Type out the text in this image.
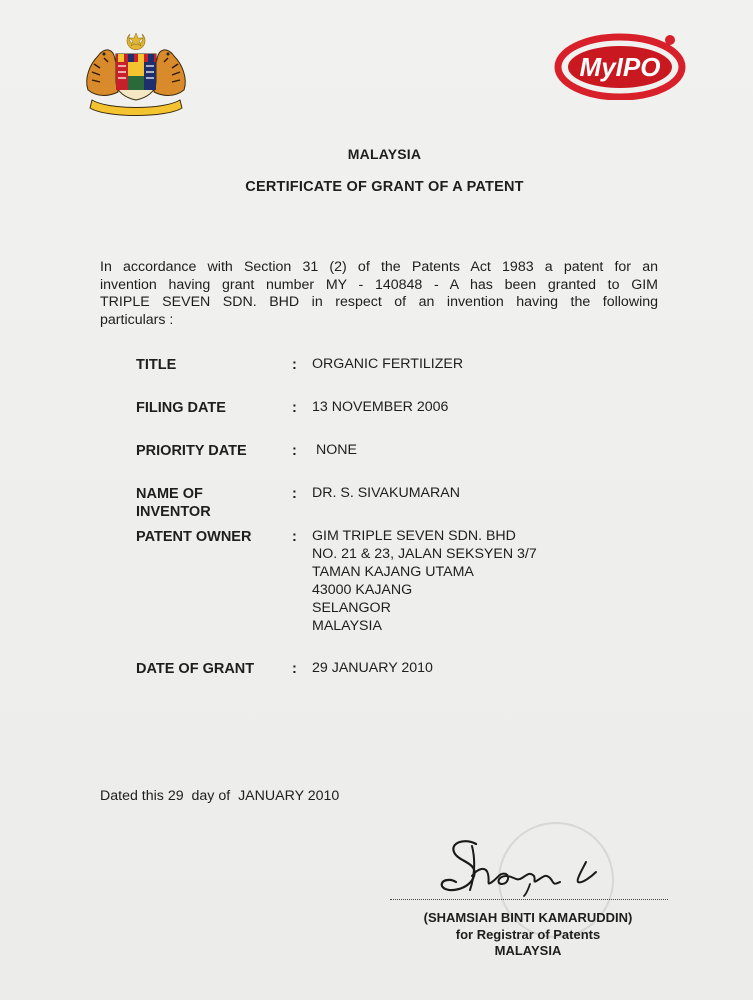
MyIPO
MALAYSIA
CERTIFICATE OF GRANT OF A PATENT
In accordance with Section 31 (2) of the Patents Act 1983 a patent for an
invention having grant number MY - 140848 - A has been granted to GIM
TRIPLE SEVEN SDN. BHD in respect of an invention having the following
particulars :
TITLE	: ORGANIC FERTILIZER
FILING DATE	: 13 NOVEMBER 2006
PRIORITY DATE	: NONE
NAME OF
INVENTOR
: DR. S. SIVAKUMARAN
PATENT OWNER	: GIM TRIPLE SEVEN SDN. BHD
NO. 21 & 23, JALAN SEKSYEN 3/7
TAMAN KAJANG UTAMA
43000 KAJANG
SELANGOR
MALAYSIA
DATE OF GRANT	: 29 JANUARY 2010
Dated this 29 day of JANUARY 2010
(SHAMSIAH BINTI KAMARUDDIN)
for Registrar of Patents
MALAYSIA
